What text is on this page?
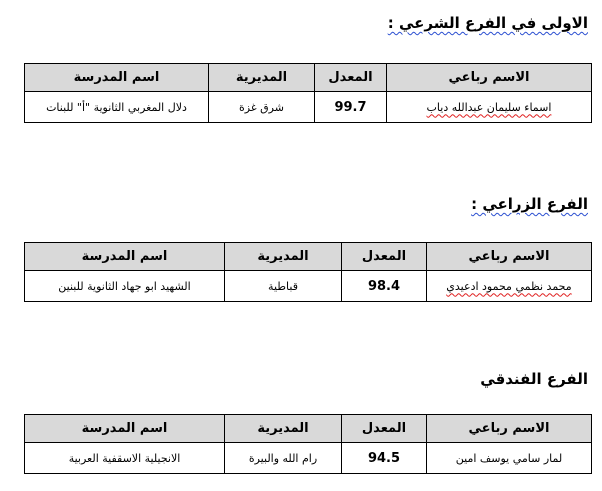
الاولى في الفرع الشرعي :
الاسم رباعي	المعدل	المديرية	اسم المدرسة
اسماء سليمان عبدالله دياب	99.7	شرق غزة	دلال المغربي الثانوية "أ" للبنات
الفرع الزراعي :
الاسم رباعي	المعدل	المديرية	اسم المدرسة
محمد نظمي محمود ادعيدي	98.4	قباطية	الشهيد ابو جهاد الثانوية للبنين
الفرع الفندقي
الاسم رباعي	المعدل	المديرية	اسم المدرسة
لمار سامي يوسف امين	94.5	رام الله والبيرة	الانجيلية الاسقفية العربية
